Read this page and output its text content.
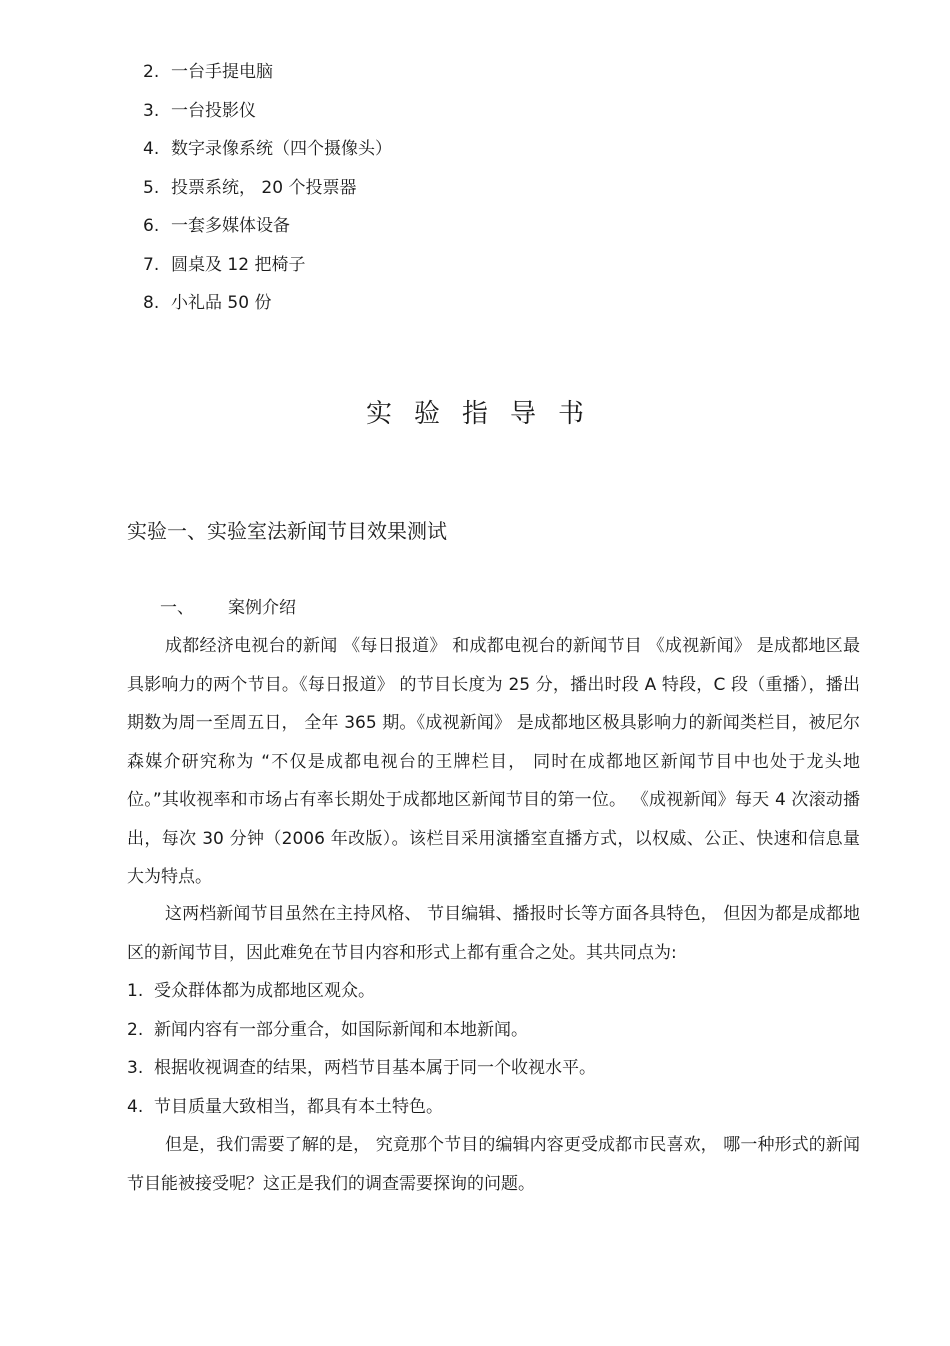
2. 一台手提电脑
3. 一台投影仪
4. 数字录像系统（四个摄像头）
5. 投票系统， 20 个投票器
6. 一套多媒体设备
7. 圆桌及 12 把椅子
8. 小礼品 50 份
实验指导书
实验一、实验室法新闻节目效果测试
一、 案例介绍

成都经济电视台的新闻 《每日报道》 和成都电视台的新闻节目 《成视新闻》 是成都地区最具影响力的两个节目。《每日报道》 的节目长度为 25 分，播出时段 A 特段，C 段（重播），播出期数为周一至周五日， 全年 365 期。《成视新闻》 是成都地区极具影响力的新闻类栏目，被尼尔森媒介研究称为 “不仅是成都电视台的王牌栏目， 同时在成都地区新闻节目中也处于龙头地位。”其收视率和市场占有率长期处于成都地区新闻节目的第一位。 《成视新闻》每天 4 次滚动播出，每次 30 分钟（2006 年改版）。该栏目采用演播室直播方式，以权威、公正、快速和信息量大为特点。

这两档新闻节目虽然在主持风格、 节目编辑、播报时长等方面各具特色， 但因为都是成都地区的新闻节目，因此难免在节目内容和形式上都有重合之处。其共同点为:

1. 受众群体都为成都地区观众。
2. 新闻内容有一部分重合，如国际新闻和本地新闻。
3. 根据收视调查的结果，两档节目基本属于同一个收视水平。
4. 节目质量大致相当，都具有本土特色。

但是，我们需要了解的是， 究竟那个节目的编辑内容更受成都市民喜欢， 哪一种形式的新闻节目能被接受呢？这正是我们的调查需要探询的问题。
